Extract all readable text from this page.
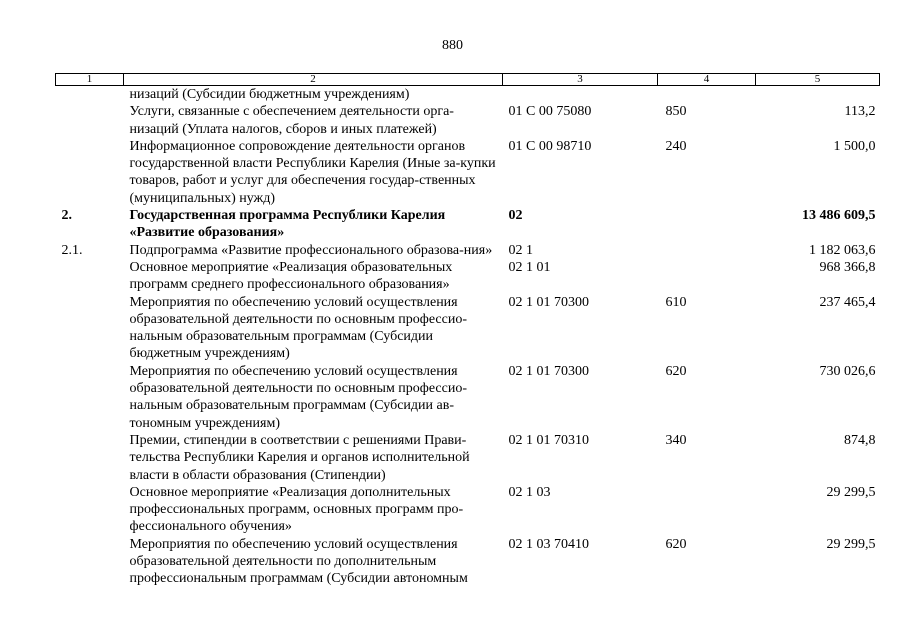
880
1	2	3	4	5
	низаций (Субсидии бюджетным учреждениям)			
	Услуги, связанные с обеспечением деятельности орга-низаций (Уплата налогов, сборов и иных платежей)	01 С 00 75080	850	113,2
	Информационное сопровождение деятельности органов государственной власти Республики Карелия (Иные за-купки товаров, работ и услуг для обеспечения государ-ственных (муниципальных) нужд)	01 С 00 98710	240	1 500,0
2.	Государственная программа Республики Карелия «Развитие образования»	02		13 486 609,5
2.1.	Подпрограмма «Развитие профессионального образова-ния»	02 1		1 182 063,6
	Основное мероприятие «Реализация образовательных программ среднего профессионального образования»	02 1 01		968 366,8
	Мероприятия по обеспечению условий осуществления образовательной деятельности по основным профессио-нальным образовательным программам (Субсидии бюджетным учреждениям)	02 1 01 70300	610	237 465,4
	Мероприятия по обеспечению условий осуществления образовательной деятельности по основным профессио-нальным образовательным программам (Субсидии ав-тономным учреждениям)	02 1 01 70300	620	730 026,6
	Премии, стипендии в соответствии с решениями Прави-тельства Республики Карелия и органов исполнительной власти в области образования (Стипендии)	02 1 01 70310	340	874,8
	Основное мероприятие «Реализация дополнительных профессиональных программ, основных программ про-фессионального обучения»	02 1 03		29 299,5
	Мероприятия по обеспечению условий осуществления образовательной деятельности по дополнительным профессиональным программам (Субсидии автономным	02 1 03 70410	620	29 299,5
